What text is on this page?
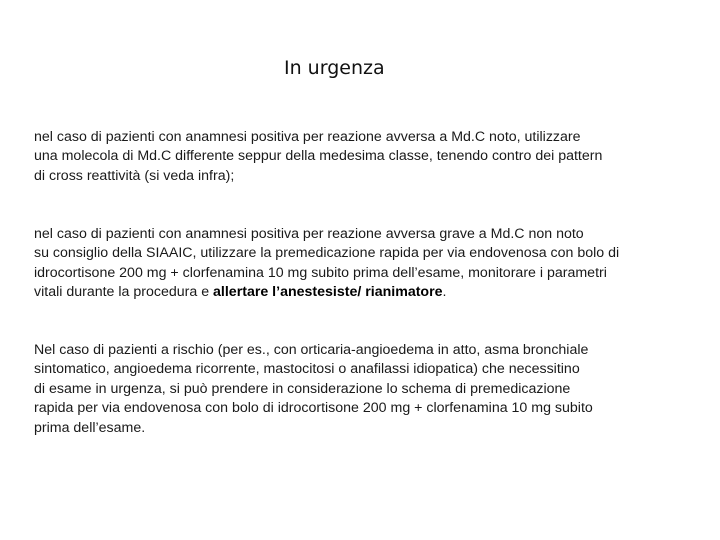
In urgenza
nel caso di pazienti con anamnesi positiva per reazione avversa a Md.C noto, utilizzare
una molecola di Md.C differente seppur della medesima classe, tenendo contro dei pattern
di cross reattività (si veda infra);
nel caso di pazienti con anamnesi positiva per reazione avversa grave a Md.C non noto
su consiglio della SIAAIC, utilizzare la premedicazione rapida per via endovenosa con bolo di
idrocortisone 200 mg + clorfenamina 10 mg subito prima dell’esame, monitorare i parametri
vitali durante la procedura e allertare l’anestesiste/ rianimatore.
Nel caso di pazienti a rischio (per es., con orticaria-angioedema in atto, asma bronchiale
sintomatico, angioedema ricorrente, mastocitosi o anafilassi idiopatica) che necessitino
di esame in urgenza, si può prendere in considerazione lo schema di premedicazione
rapida per via endovenosa con bolo di idrocortisone 200 mg + clorfenamina 10 mg subito
prima dell’esame.
